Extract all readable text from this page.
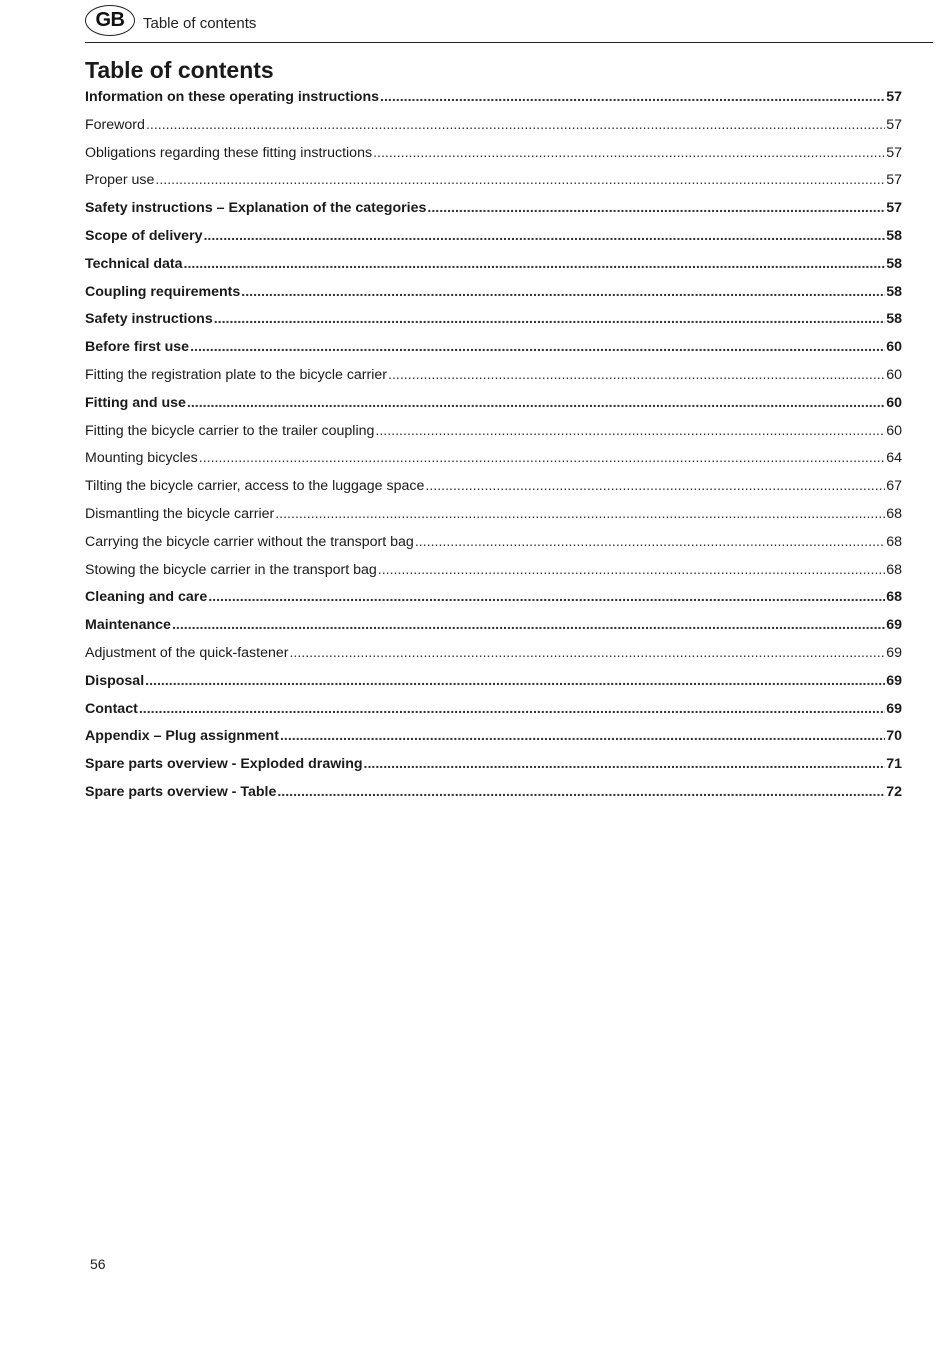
GB	Table of contents
Table of contents
Information on these operating instructions .....	57
Foreword .....	57
Obligations regarding these fitting instructions .....	57
Proper use .....	57
Safety instructions – Explanation of the categories .....	57
Scope of delivery .....	58
Technical data .....	58
Coupling requirements .....	58
Safety instructions .....	58
Before first use .....	60
Fitting the registration plate to the bicycle carrier .....	60
Fitting and use .....	60
Fitting the bicycle carrier to the trailer coupling .....	60
Mounting bicycles .....	64
Tilting the bicycle carrier, access to the luggage space .....	67
Dismantling the bicycle carrier .....	68
Carrying the bicycle carrier without the transport bag .....	68
Stowing the bicycle carrier in the transport bag .....	68
Cleaning and care .....	68
Maintenance .....	69
Adjustment of the quick-fastener .....	69
Disposal .....	69
Contact .....	69
Appendix – Plug assignment .....	70
Spare parts overview - Exploded drawing .....	71
Spare parts overview - Table .....	72
56
